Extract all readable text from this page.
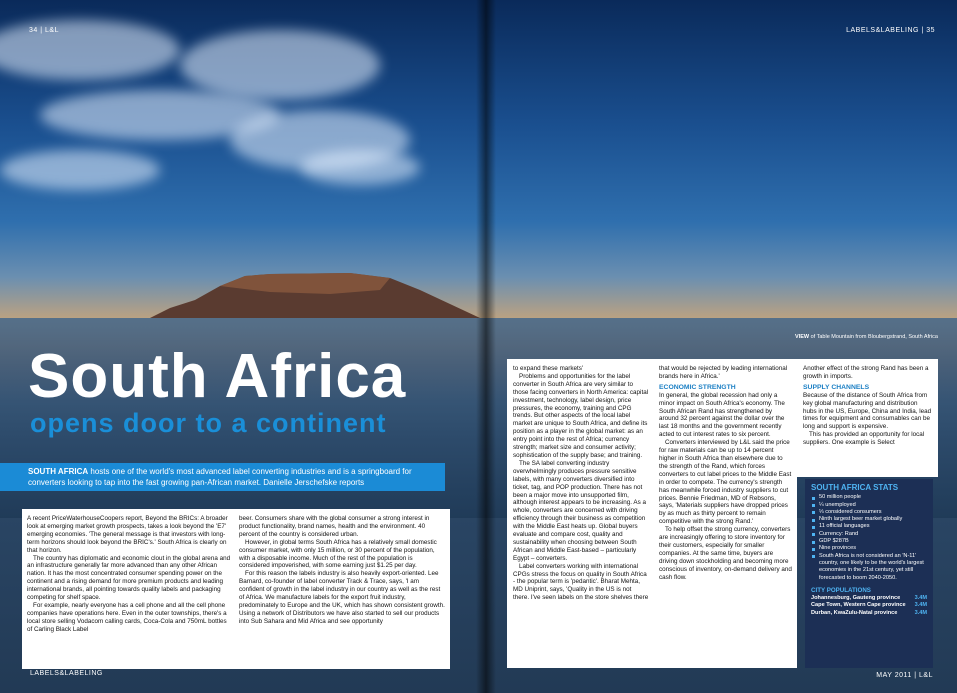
34 | L&L	LABELS&LABELING | 35
VIEW of Table Mountain from Bloubergstrand, South Africa
South Africa
opens door to a continent
SOUTH AFRICA hosts one of the world's most advanced label converting industries and is a springboard for converters looking to tap into the fast growing pan-African market. Danielle Jerschefske reports

A recent PriceWaterhouseCoopers report, Beyond the BRICs: A broader look at emerging market growth prospects, takes a look beyond the 'E7' emerging economies. 'The general message is that investors with long-term horizons should look beyond the BRIC's.' South Africa is clearly on that horizon.

The country has diplomatic and economic clout in the global arena and an infrastructure generally far more advanced than any other African nation. It has the most concentrated consumer spending power on the continent and a rising demand for more premium products and leading international brands, all pointing towards quality labels and packaging competing for shelf space.

For example, nearly everyone has a cell phone and all the cell phone companies have operations here. Even in the outer townships, there's a local store selling Vodacom calling cards, Coca-Cola and 750mL bottles of Carling Black Label

beer. Consumers share with the global consumer a strong interest in product functionality, brand names, health and the environment. 40 percent of the country is considered urban.

However, in global terms South Africa has a relatively small domestic consumer market, with only 15 million, or 30 percent of the population, with a disposable income. Much of the rest of the population is considered impoverished, with some earning just $1.25 per day.

For this reason the labels industry is also heavily export-oriented. Lee Barnard, co-founder of label converter Track & Trace, says, 'I am confident of growth in the label industry in our country as well as the rest of Africa. We manufacture labels for the export fruit industry, predominately to Europe and the UK, which has shown consistent growth. Using a network of Distributors we have also started to sell our products into Sub Sahara and Mid Africa and see opportunity

to expand these markets'

Problems and opportunities for the label converter in South Africa are very similar to those facing converters in North America: capital investment, technology, label design, price pressures, the economy, training and CPG trends. But other aspects of the local label market are unique to South Africa, and define its position as a player in the global market: as an entry point into the rest of Africa; currency strength; market size and consumer activity; sophistication of the supply base; and training.

The SA label converting industry overwhelmingly produces pressure sensitive labels, with many converters diversified into ticket, tag, and POP production. There has not been a major move into unsupported film, although interest appears to be increasing. As a whole, converters are concerned with driving efficiency through their business as competition with the Middle East heats up. Global buyers evaluate and compare cost, quality and sustainability when choosing between South African and Middle East-based – particularly Egypt – converters.

Label converters working with international CPGs stress the focus on quality in South Africa - the popular term is 'pedantic'. Bharat Mehta, MD Uniprint, says, 'Quality in the US is not there. I've seen labels on the store shelves there

that would be rejected by leading international brands here in Africa.'

ECONOMIC STRENGTH

In general, the global recession had only a minor impact on South Africa's economy. The South African Rand has strengthened by around 32 percent against the dollar over the last 18 months and the government recently acted to cut interest rates to six percent.

Converters interviewed by L&L said the price for raw materials can be up to 14 percent higher in South Africa than elsewhere due to the strength of the Rand, which forces converters to cut label prices to the Middle East in order to compete. The currency's strength has meanwhile forced industry suppliers to cut prices. Bennie Friedman, MD of Rebsons, says, 'Materials suppliers have dropped prices by as much as thirty percent to remain competitive with the strong Rand.'

To help offset the strong currency, converters are increasingly offering to store inventory for their customers, especially for smaller companies. At the same time, buyers are driving down stockholding and becoming more conscious of inventory, on-demand delivery and cash flow.

Another effect of the strong Rand has been a growth in imports.

SUPPLY CHANNELS

Because of the distance of South Africa from key global manufacturing and distribution hubs in the US, Europe, China and India, lead times for equipment and consumables can be long and support is expensive.

This has provided an opportunity for local suppliers. One example is Select

SOUTH AFRICA STATS
50 million people
¼ unemployed
⅓ considered consumers
Ninth largest beer market globally
11 official languages
Currency: Rand
GDP $287B
Nine provinces
South Africa is not considered an 'N-11' country, one likely to be the world's largest economies in the 21st century, yet still forecasted to boom 2040-2050.
CITY POPULATIONS
Johannesburg, Gauteng province	3.4M
Cape Town, Western Cape province 3.4M
Durban, KwaZulu-Natal province	3.4M
LABELS&LABELING	MAY 2011 | L&L
